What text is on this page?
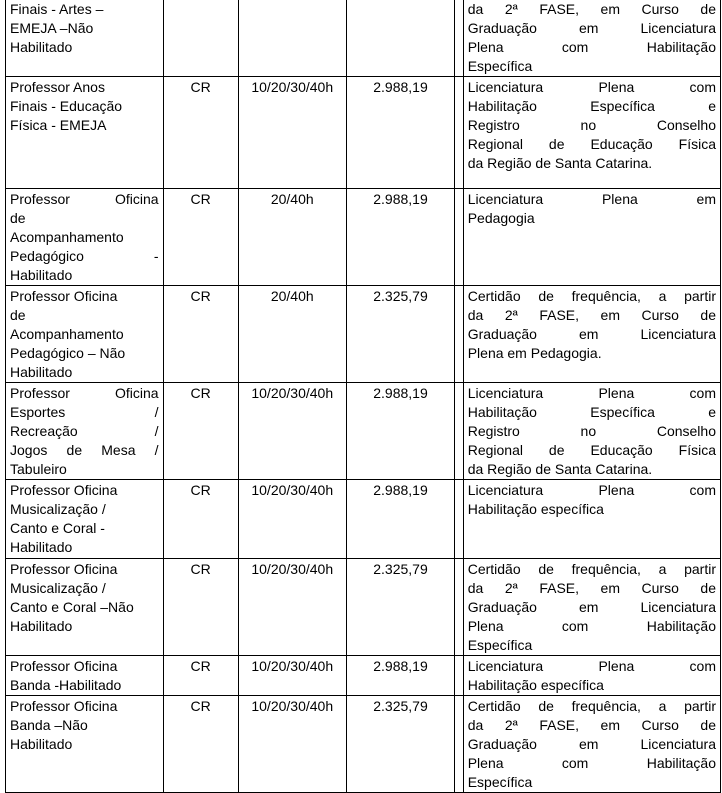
Finais - Artes –
EMEJA –Não
Habilitado					da 2ª FASE, em Curso de
Graduação em Licenciatura
Plena com Habilitação
Específica

Professor Anos
Finais - Educação
Física - EMEJA	CR	10/20/30/40h	2.988,19		Licenciatura Plena com
Habilitação Específica e
Registro no Conselho
Regional de Educação Física
da Região de Santa Catarina.

Professor Oficina
de
Acompanhamento
Pedagógico -
Habilitado	CR	20/40h	2.988,19		Licenciatura Plena em
Pedagogia

Professor Oficina
de
Acompanhamento
Pedagógico – Não
Habilitado	CR	20/40h	2.325,79		Certidão de frequência, a partir
da 2ª FASE, em Curso de
Graduação em Licenciatura
Plena em Pedagogia.

Professor Oficina
Esportes /
Recreação /
Jogos de Mesa /
Tabuleiro	CR	10/20/30/40h	2.988,19		Licenciatura Plena com
Habilitação Específica e
Registro no Conselho
Regional de Educação Física
da Região de Santa Catarina.

Professor Oficina
Musicalização /
Canto e Coral -
Habilitado	CR	10/20/30/40h	2.988,19		Licenciatura Plena com
Habilitação específica

Professor Oficina
Musicalização /
Canto e Coral –Não
Habilitado	CR	10/20/30/40h	2.325,79		Certidão de frequência, a partir
da 2ª FASE, em Curso de
Graduação em Licenciatura
Plena com Habilitação
Específica

Professor Oficina
Banda -Habilitado	CR	10/20/30/40h	2.988,19		Licenciatura Plena com
Habilitação específica

Professor Oficina
Banda –Não
Habilitado	CR	10/20/30/40h	2.325,79		Certidão de frequência, a partir
da 2ª FASE, em Curso de
Graduação em Licenciatura
Plena com Habilitação
Específica
